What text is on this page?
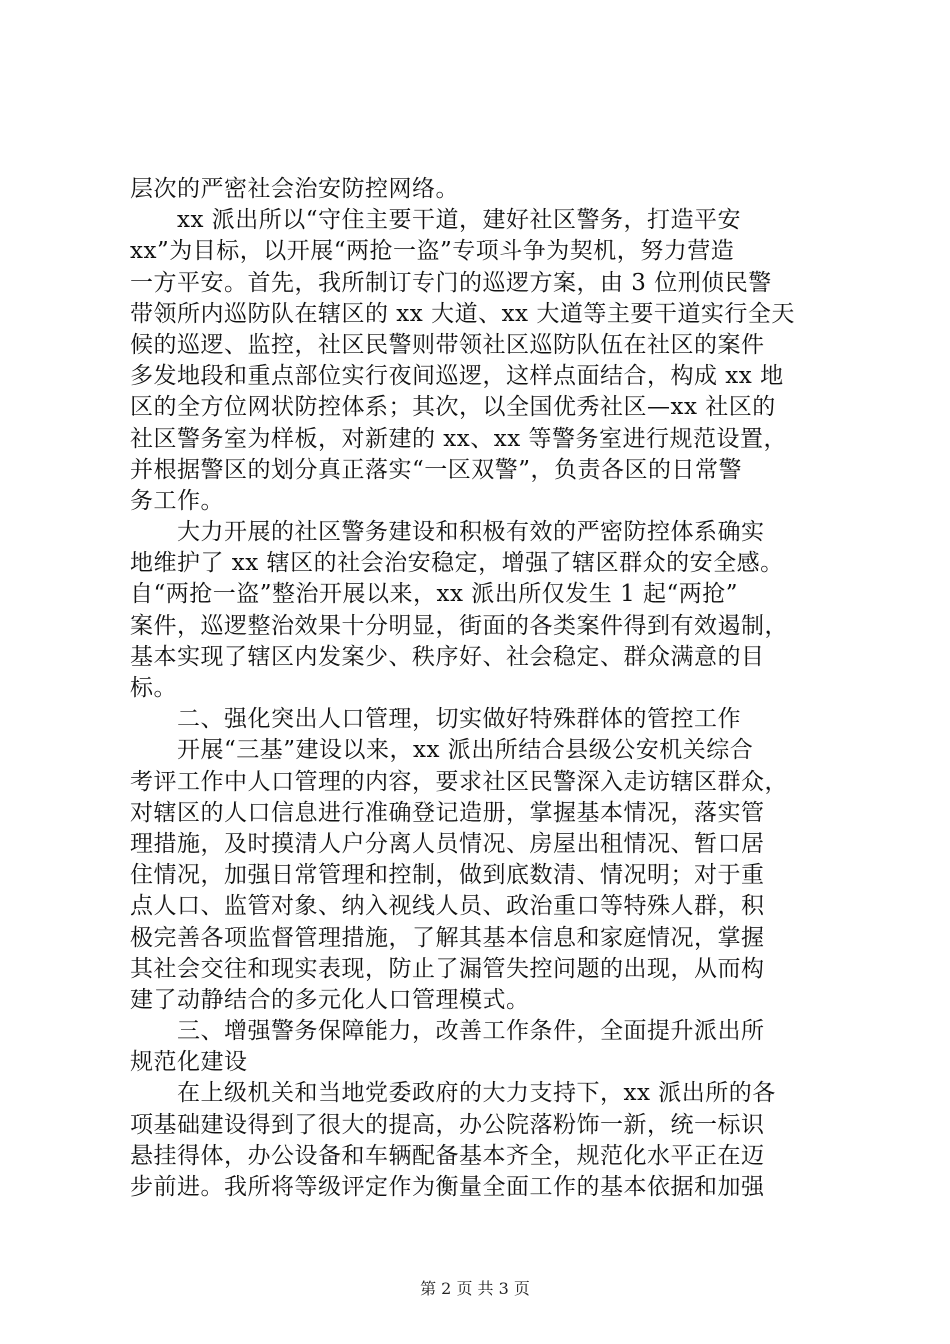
层次的严密社会治安防控网络。
　　xx 派出所以“守住主要干道，建好社区警务，打造平安
xx”为目标，以开展“两抢一盗”专项斗争为契机，努力营造
一方平安。首先，我所制订专门的巡逻方案，由 3 位刑侦民警
带领所内巡防队在辖区的 xx 大道、xx 大道等主要干道实行全天
候的巡逻、监控，社区民警则带领社区巡防队伍在社区的案件
多发地段和重点部位实行夜间巡逻，这样点面结合，构成 xx 地
区的全方位网状防控体系；其次，以全国优秀社区—xx 社区的
社区警务室为样板，对新建的 xx、xx 等警务室进行规范设置，
并根据警区的划分真正落实“一区双警”，负责各区的日常警
务工作。
　　大力开展的社区警务建设和积极有效的严密防控体系确实
地维护了 xx 辖区的社会治安稳定，增强了辖区群众的安全感。
自“两抢一盗”整治开展以来，xx 派出所仅发生 1 起“两抢”
案件，巡逻整治效果十分明显，街面的各类案件得到有效遏制，
基本实现了辖区内发案少、秩序好、社会稳定、群众满意的目
标。
　　二、强化突出人口管理，切实做好特殊群体的管控工作
　　开展“三基”建设以来，xx 派出所结合县级公安机关综合
考评工作中人口管理的内容，要求社区民警深入走访辖区群众，
对辖区的人口信息进行准确登记造册，掌握基本情况，落实管
理措施，及时摸清人户分离人员情况、房屋出租情况、暂口居
住情况，加强日常管理和控制，做到底数清、情况明；对于重
点人口、监管对象、纳入视线人员、政治重口等特殊人群，积
极完善各项监督管理措施，了解其基本信息和家庭情况，掌握
其社会交往和现实表现，防止了漏管失控问题的出现，从而构
建了动静结合的多元化人口管理模式。
　　三、增强警务保障能力，改善工作条件，全面提升派出所
规范化建设
　　在上级机关和当地党委政府的大力支持下，xx 派出所的各
项基础建设得到了很大的提高，办公院落粉饰一新，统一标识
悬挂得体，办公设备和车辆配备基本齐全，规范化水平正在迈
步前进。我所将等级评定作为衡量全面工作的基本依据和加强
第 2 页 共 3 页
